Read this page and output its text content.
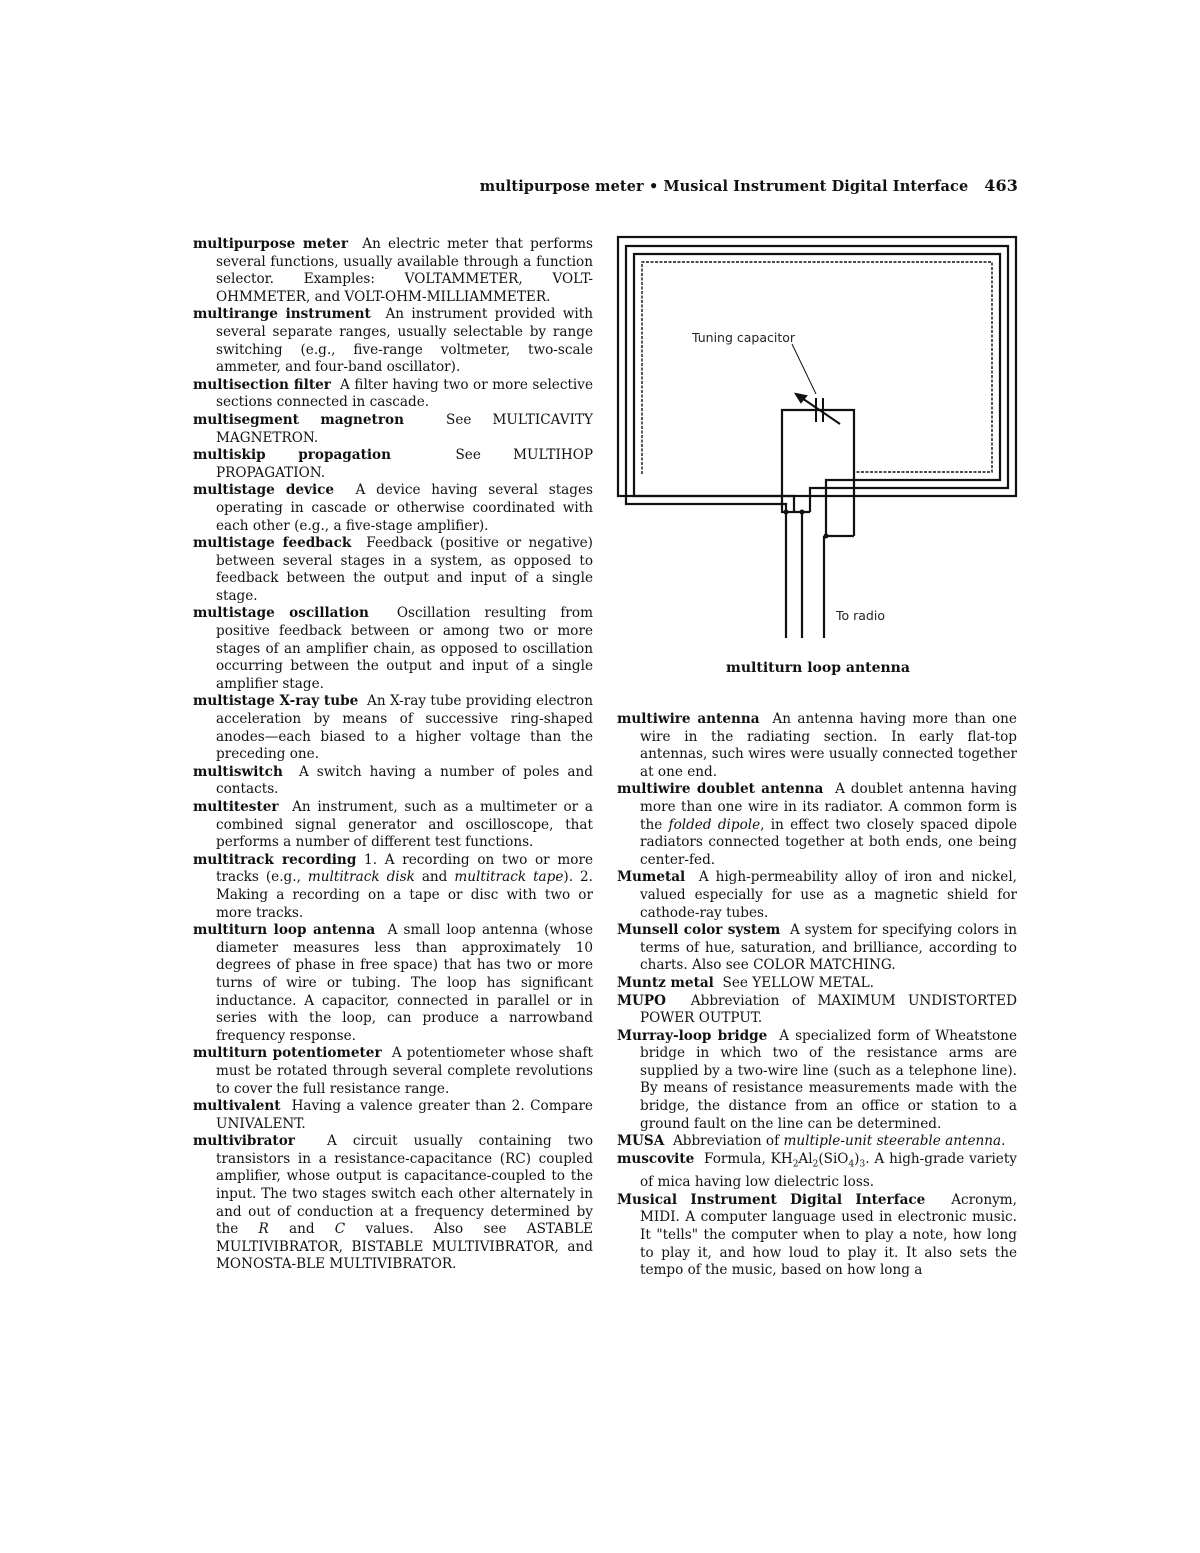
multipurpose meter • Musical Instrument Digital Interface 463

multipurpose meter An electric meter that performs several functions, usually available through a function selector. Examples: VOLTAMMETER, VOLT-OHMMETER, and VOLT-OHM-MILLIAMMETER.

multirange instrument An instrument provided with several separate ranges, usually selectable by range switching (e.g., five-range voltmeter, two-scale ammeter, and four-band oscillator).

multisection filter A filter having two or more selective sections connected in cascade.

multisegment magnetron	See MULTICAVITY MAGNETRON.

multiskip propagation	See MULTIHOP PROPAGATION.

multistage device A device having several stages operating in cascade or otherwise coordinated with each other (e.g., a five-stage amplifier).

multistage feedback Feedback (positive or negative) between several stages in a system, as opposed to feedback between the output and input of a single stage.

multistage oscillation Oscillation resulting from positive feedback between or among two or more stages of an amplifier chain, as opposed to oscillation occurring between the output and input of a single amplifier stage.

multistage X-ray tube An X-ray tube providing electron acceleration by means of successive ring-shaped anodes—each biased to a higher voltage than the preceding one.

multiswitch A switch having a number of poles and contacts.

multitester An instrument, such as a multimeter or a combined signal generator and oscilloscope, that performs a number of different test functions.

multitrack recording 1. A recording on two or more tracks (e.g., multitrack disk and multitrack tape). 2. Making a recording on a tape or disc with two or more tracks.

multiturn loop antenna A small loop antenna (whose diameter measures less than approximately 10 degrees of phase in free space) that has two or more turns of wire or tubing. The loop has significant inductance. A capacitor, connected in parallel or in series with the loop, can produce a narrowband frequency response.

multiturn potentiometer A potentiometer whose shaft must be rotated through several complete revolutions to cover the full resistance range.

multivalent Having a valence greater than 2. Compare UNIVALENT.

multivibrator A circuit usually containing two transistors in a resistance-capacitance (RC) coupled amplifier, whose output is capacitance-coupled to the input. The two stages switch each other alternately in and out of conduction at a frequency determined by the R and C values. Also see ASTABLE MULTIVIBRATOR, BISTABLE MULTIVIBRATOR, and MONOSTA-BLE MULTIVIBRATOR.

Tuning capacitor
To radio
multiturn loop antenna

multiwire antenna An antenna having more than one wire in the radiating section. In early flat-top antennas, such wires were usually connected together at one end.

multiwire doublet antenna A doublet antenna having more than one wire in its radiator. A common form is the folded dipole, in effect two closely spaced dipole radiators connected together at both ends, one being center-fed.

Mumetal A high-permeability alloy of iron and nickel, valued especially for use as a magnetic shield for cathode-ray tubes.

Munsell color system A system for specifying colors in terms of hue, saturation, and brilliance, according to charts. Also see COLOR MATCHING.

Muntz metal See YELLOW METAL.

MUPO Abbreviation of MAXIMUM UNDISTORTED POWER OUTPUT.

Murray-loop bridge A specialized form of Wheatstone bridge in which two of the resistance arms are supplied by a two-wire line (such as a telephone line). By means of resistance measurements made with the bridge, the distance from an office or station to a ground fault on the line can be determined.

MUSA Abbreviation of multiple-unit steerable antenna.

muscovite Formula, $KH_2Al_2(SiO_4)_3$. A high-grade variety of mica having low dielectric loss.

Musical Instrument Digital Interface Acronym, MIDI. A computer language used in electronic music. It "tells" the computer when to play a note, how long to play it, and how loud to play it. It also sets the tempo of the music, based on how long a
